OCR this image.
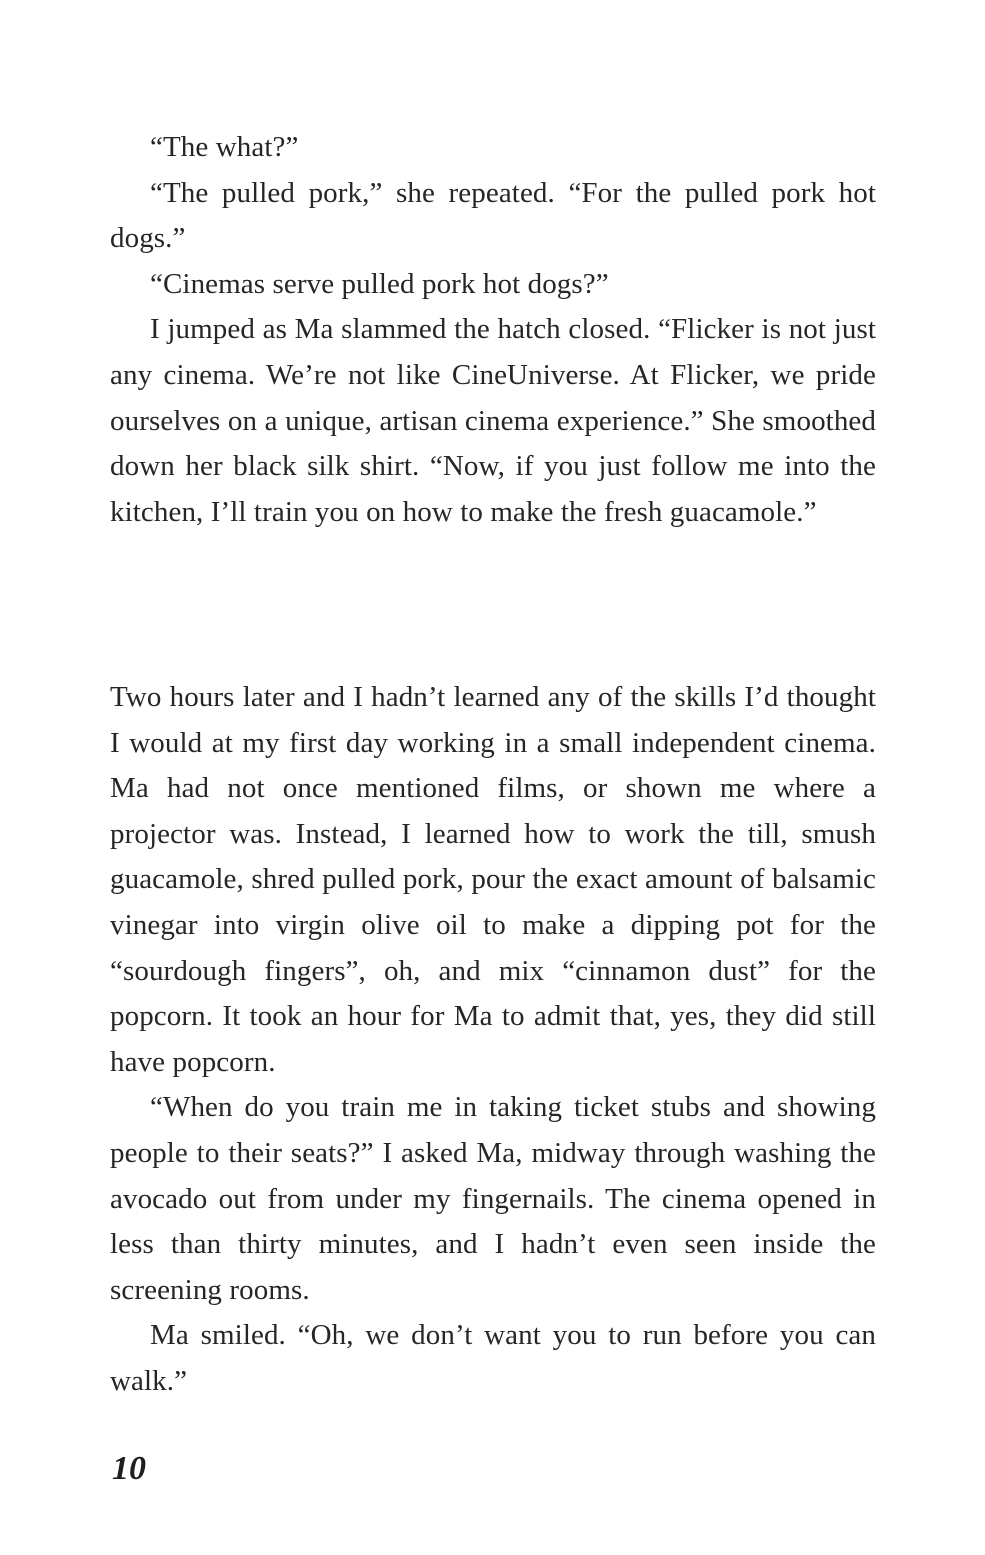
“The what?”

“The pulled pork,” she repeated. “For the pulled pork hot dogs.”

“Cinemas serve pulled pork hot dogs?”

I jumped as Ma slammed the hatch closed. “Flicker is not just any cinema. We’re not like CineUniverse. At Flicker, we pride ourselves on a unique, artisan cinema experience.” She smoothed down her black silk shirt. “Now, if you just follow me into the kitchen, I’ll train you on how to make the fresh guacamole.”

Two hours later and I hadn’t learned any of the skills I’d thought I would at my first day working in a small independent cinema. Ma had not once mentioned films, or shown me where a projector was. Instead, I learned how to work the till, smush guacamole, shred pulled pork, pour the exact amount of balsamic vinegar into virgin olive oil to make a dipping pot for the “sourdough fingers”, oh, and mix “cinnamon dust” for the popcorn. It took an hour for Ma to admit that, yes, they did still have popcorn.

“When do you train me in taking ticket stubs and showing people to their seats?” I asked Ma, midway through washing the avocado out from under my fingernails. The cinema opened in less than thirty minutes, and I hadn’t even seen inside the screening rooms.

Ma smiled. “Oh, we don’t want you to run before you can walk.”

10
